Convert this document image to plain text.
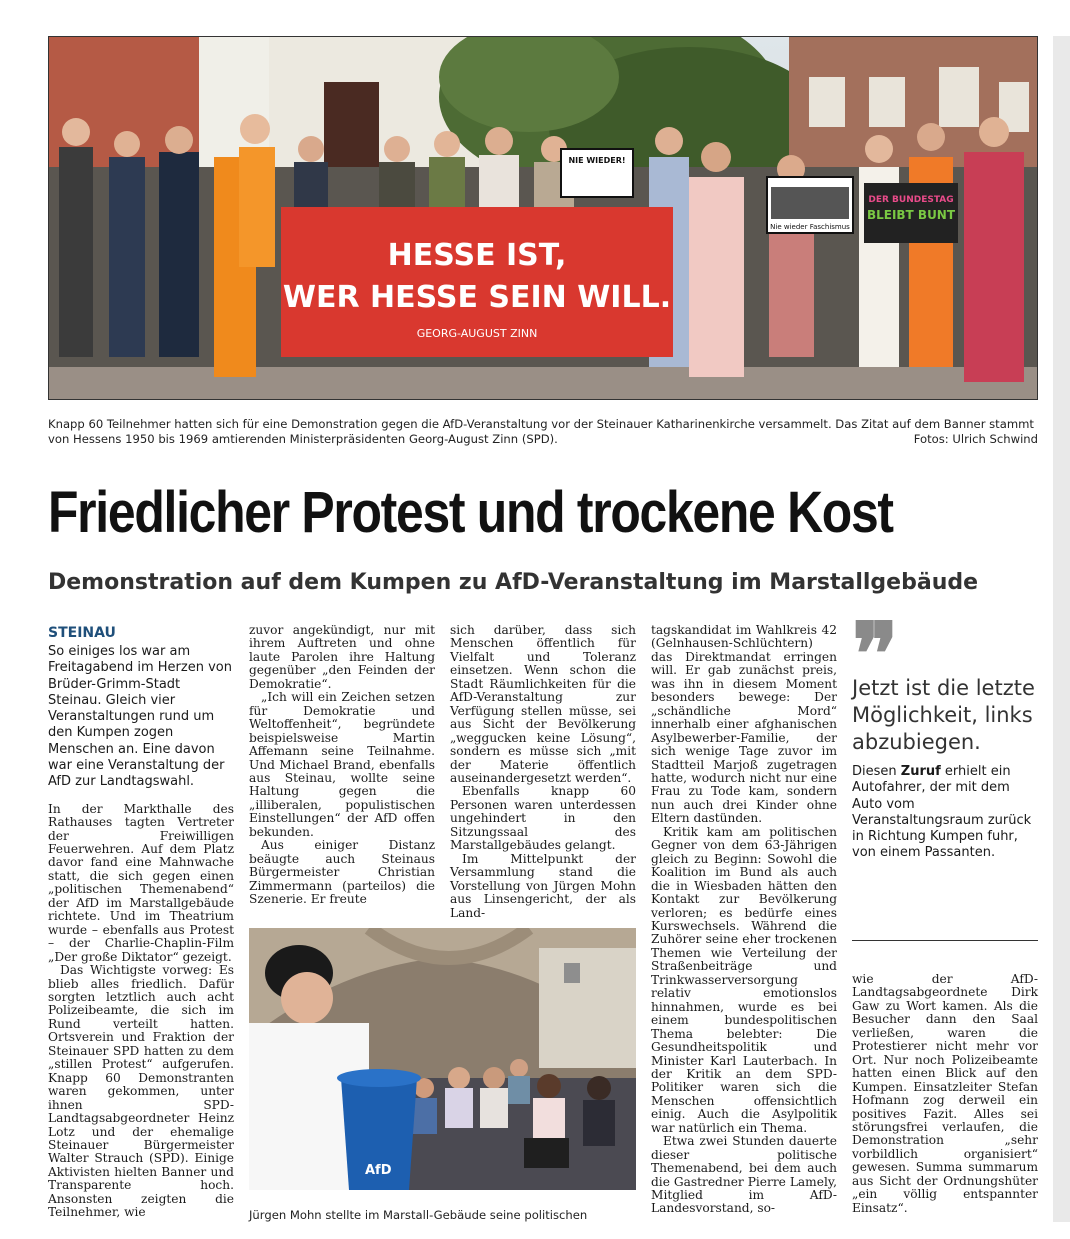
HESSE IST,
WER HESSE SEIN WILL.
GEORG-AUGUST ZINN
NIE WIEDER!
Nie wieder Faschismus
DER BUNDESTAG
BLEIBT BUNT
Knapp 60 Teilnehmer hatten sich für eine Demonstration gegen die AfD-Veranstaltung vor der Steinauer Katharinenkirche versammelt. Das Zitat auf dem Banner stammt von Hessens 1950 bis 1969 amtierenden Ministerpräsidenten Georg-August Zinn (SPD).	Fotos: Ulrich Schwind
Friedlicher Protest und trockene Kost
Demonstration auf dem Kumpen zu AfD-Veranstaltung im Marstallgebäude
STEINAU
So einiges los war am Freitagabend im Herzen von Brüder-Grimm-Stadt Steinau. Gleich vier Veranstaltungen rund um den Kumpen zogen Menschen an. Eine davon war eine Veranstaltung der AfD zur Landtagswahl.

In der Markthalle des Rathauses tagten Vertreter der Freiwilligen Feuerwehren. Auf dem Platz davor fand eine Mahnwache statt, die sich gegen einen „politischen Themenabend“ der AfD im Marstallgebäude richtete. Und im Theatrium wurde – ebenfalls aus Protest – der Charlie-Chaplin-Film „Der große Diktator“ gezeigt.

Das Wichtigste vorweg: Es blieb alles friedlich. Dafür sorgten letztlich auch acht Polizeibeamte, die sich im Rund verteilt hatten. Ortsverein und Fraktion der Steinauer SPD hatten zu dem „stillen Protest“ aufgerufen. Knapp 60 Demonstranten waren gekommen, unter ihnen SPD-Landtagsabgeordneter Heinz Lotz und der ehemalige Steinauer Bürgermeister Walter Strauch (SPD). Einige Aktivisten hielten Banner und Transparente hoch. Ansonsten zeigten die Teilnehmer, wie

zuvor angekündigt, nur mit ihrem Auftreten und ohne laute Parolen ihre Haltung gegenüber „den Feinden der Demokratie“.

„Ich will ein Zeichen setzen für Demokratie und Weltoffenheit“, begründete beispielsweise Martin Affemann seine Teilnahme. Und Michael Brand, ebenfalls aus Steinau, wollte seine Haltung gegen die „illiberalen, populistischen Einstellungen“ der AfD offen bekunden.

Aus einiger Distanz beäugte auch Steinaus Bürgermeister Christian Zimmermann (parteilos) die Szenerie. Er freute

sich darüber, dass sich Menschen öffentlich für Vielfalt und Toleranz einsetzen. Wenn schon die Stadt Räumlichkeiten für die AfD-Veranstaltung zur Verfügung stellen müsse, sei aus Sicht der Bevölkerung „weggucken keine Lösung“, sondern es müsse sich „mit der Materie öffentlich auseinandergesetzt werden“.

Ebenfalls knapp 60 Personen waren unterdessen ungehindert in den Sitzungssaal des Marstallgebäudes gelangt.

Im Mittelpunkt der Versammlung stand die Vorstellung von Jürgen Mohn aus Linsengericht, der als Land-

tagskandidat im Wahlkreis 42 (Gelnhausen-Schlüchtern) das Direktmandat erringen will. Er gab zunächst preis, was ihn in diesem Moment besonders bewege: Der „schändliche Mord“ innerhalb einer afghanischen Asylbewerber-Familie, der sich wenige Tage zuvor im Stadtteil Marjoß zugetragen hatte, wodurch nicht nur eine Frau zu Tode kam, sondern nun auch drei Kinder ohne Eltern dastünden.

Kritik kam am politischen Gegner von dem 63-Jährigen gleich zu Beginn: Sowohl die Koalition im Bund als auch die in Wiesbaden hätten den Kontakt zur Bevölkerung verloren; es bedürfe eines Kurswechsels. Während die Zuhörer seine eher trockenen Themen wie Verteilung der Straßenbeiträge und Trinkwasserversorgung relativ emotionslos hinnahmen, wurde es bei einem bundespolitischen Thema belebter: Die Gesundheitspolitik und Minister Karl Lauterbach. In der Kritik an dem SPD-Politiker waren sich die Menschen offensichtlich einig. Auch die Asylpolitik war natürlich ein Thema.

Etwa zwei Stunden dauerte dieser politische Themenabend, bei dem auch die Gastredner Pierre Lamely, Mitglied im AfD-Landesvorstand, so-

❞
Jetzt ist die letzte Möglichkeit, links abzubiegen.
Diesen Zuruf erhielt ein Autofahrer, der mit dem Auto vom Veranstaltungsraum zurück in Richtung Kumpen fuhr, von einem Passanten.

wie der AfD-Landtagsabgeordnete Dirk Gaw zu Wort kamen. Als die Besucher dann den Saal verließen, waren die Protestierer nicht mehr vor Ort. Nur noch Polizeibeamte hatten einen Blick auf den Kumpen. Einsatzleiter Stefan Hofmann zog derweil ein positives Fazit. Alles sei störungsfrei verlaufen, die Demonstration „sehr vorbildlich organisiert“ gewesen. Summa summarum aus Sicht der Ordnungshüter „ein völlig entspannter Einsatz“.

AfD
Jürgen Mohn stellte im Marstall-Gebäude seine politischen
